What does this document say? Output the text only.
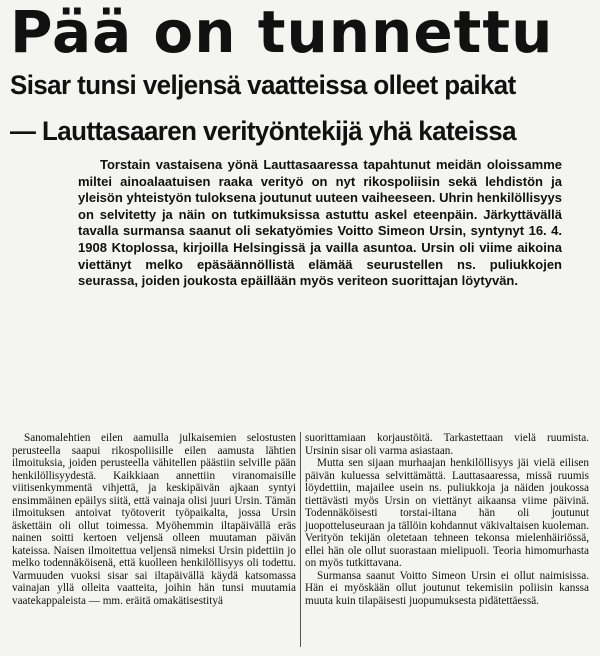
Pää on tunnettu
Sisar tunsi veljensä vaatteissa olleet paikat
— Lauttasaaren verityöntekijä yhä kateissa

Torstain vastaisena yönä Lauttasaaressa tapahtunut meidän oloissamme miltei ainoalaatuisen raaka verityö on nyt rikospoliisin sekä lehdistön ja yleisön yhteistyön tuloksena joutunut uuteen vaiheeseen. Uhrin henkilöllisyys on selvitetty ja näin on tutkimuksissa astuttu askel eteenpäin. Järkyttävällä tavalla surmansa saanut oli sekatyömies Voitto Simeon Ursin, syntynyt 16. 4. 1908 Ktoplossa, kirjoilla Helsingissä ja vailla asuntoa. Ursin oli viime aikoina viettänyt melko epäsäännöllistä elämää seurustellen ns. puliukkojen seurassa, joiden joukosta epäillään myös veriteon suorittajan löytyvän.

Sanomalehtien eilen aamulla julkaisemien selostusten perusteella saapui rikospoliisille eilen aamusta lähtien ilmoituksia, joiden perusteella vähitellen päästiin selville pään henkilöllisyydestä. Kaikkiaan annettiin viranomaisille viitisenkymmentä vihjettä, ja keskipäivän ajkaan syntyi ensimmäinen epäilys siitä, että vainaja olisi juuri Ursin. Tämän ilmoituksen antoivat työtoverit työpaikalta, jossa Ursin äskettäin oli ollut toimessa. Myöhemmin iltapäivällä eräs nainen soitti kertoen veljensä olleen muutaman päivän kateissa. Naisen ilmoitettua veljensä nimeksi Ursin pidettiin jo melko todennäköisenä, että kuolleen henkilöllisyys oli todettu. Varmuuden vuoksi sisar sai iltapäivällä käydä katsomassa vainajan yllä olleita vaatteita, joihin hän tunsi muutamia vaatekappaleista — mm. eräitä omakätisestityä

suorittamiaan korjaustöitä. Tarkastettaan vielä ruumista. Ursinin sisar oli varma asiastaan.

Mutta sen sijaan murhaajan henkilöllisyys jäi vielä eilisen päivän kuluessa selvittämättä. Lauttasaaressa, missä ruumis löydettiin, majailee usein ns. puliukkoja ja näiden joukossa tiettävästi myös Ursin on viettänyt aikaansa viime päivinä. Todennäköisesti torstai-iltana hän oli joutunut juopotteluseuraan ja tällöin kohdannut väkivaltaisen kuoleman. Verityön tekijän oletetaan tehneen tekonsa mielenhäiriössä, ellei hän ole ollut suorastaan mielipuoli. Teoria himomurhasta on myös tutkittavana.

Surmansa saanut Voitto Simeon Ursin ei ollut naimisissa. Hän ei myöskään ollut joutunut tekemisiin poliisin kanssa muuta kuin tilapäisesti juopumuksesta pidätettäessä.
